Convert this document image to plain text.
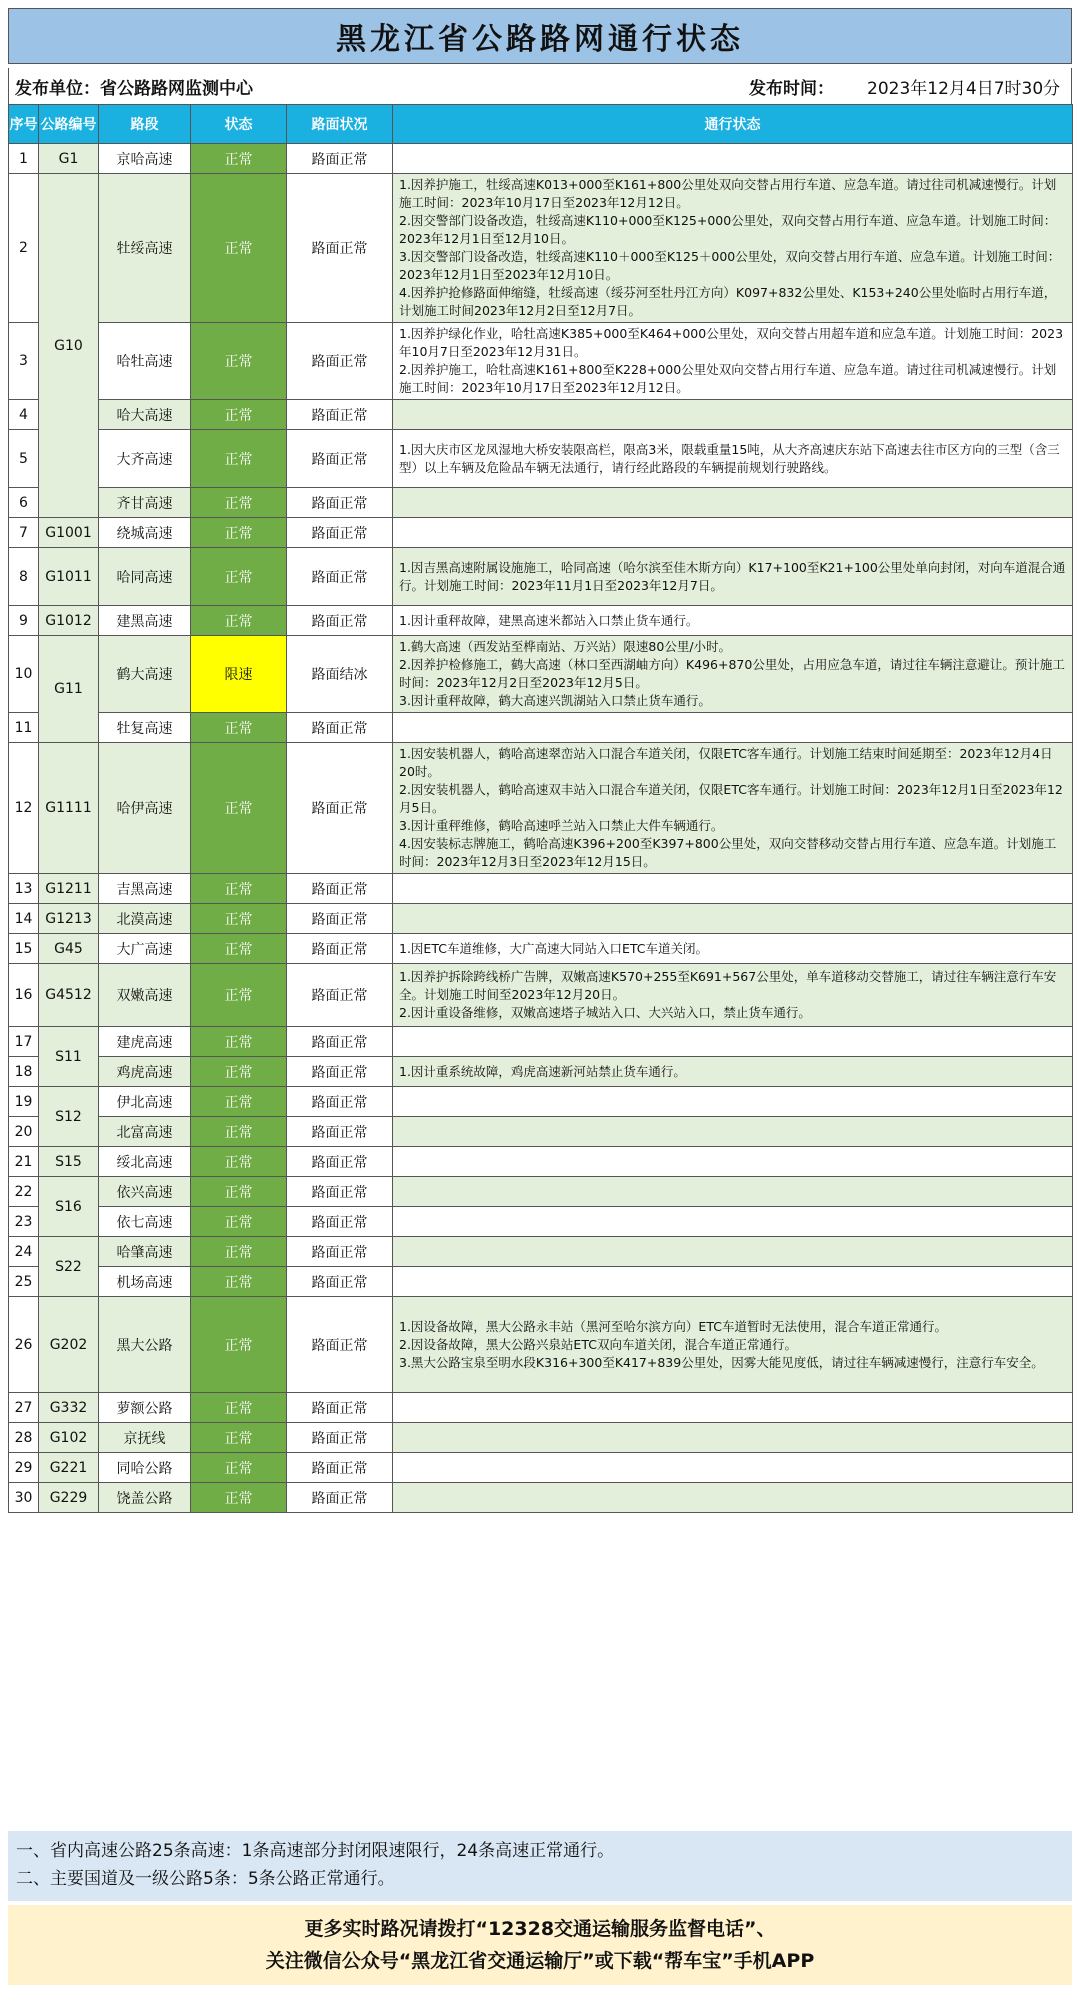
黑龙江省公路路网通行状态
发布单位：省公路路网监测中心	发布时间： 2023年12月4日7时30分
序号	公路编号	路段	状态	路面状况	通行状态
1	G1	京哈高速	正常	路面正常	
2	G10	牡绥高速	正常	路面正常	1.因养护施工，牡绥高速K013+000至K161+800公里处双向交替占用行车道、应急车道。请过往司机减速慢行。计划施工时间：2023年10月17日至2023年12月12日。
2.因交警部门设备改造，牡绥高速K110+000至K125+000公里处，双向交替占用行车道、应急车道。计划施工时间：2023年12月1日至12月10日。
3.因交警部门设备改造，牡绥高速K110＋000至K125＋000公里处，双向交替占用行车道、应急车道。计划施工时间：2023年12月1日至2023年12月10日。
4.因养护抢修路面伸缩缝，牡绥高速（绥芬河至牡丹江方向）K097+832公里处、K153+240公里处临时占用行车道，计划施工时间2023年12月2日至12月7日。

3		哈牡高速	正常	路面正常	1.因养护绿化作业，哈牡高速K385+000至K464+000公里处，双向交替占用超车道和应急车道。计划施工时间：2023年10月7日至2023年12月31日。
2.因养护施工，哈牡高速K161+800至K228+000公里处双向交替占用行车道、应急车道。请过往司机减速慢行。计划施工时间：2023年10月17日至2023年12月12日。

4		哈大高速	正常	路面正常	
5		大齐高速	正常	路面正常	1.因大庆市区龙凤湿地大桥安装限高栏，限高3米，限载重量15吨，从大齐高速庆东站下高速去往市区方向的三型（含三型）以上车辆及危险品车辆无法通行，请行经此路段的车辆提前规划行驶路线。

6		齐甘高速	正常	路面正常	
7	G1001	绕城高速	正常	路面正常	
8	G1011	哈同高速	正常	路面正常	1.因吉黑高速附属设施施工，哈同高速（哈尔滨至佳木斯方向）K17+100至K21+100公里处单向封闭，对向车道混合通行。计划施工时间：2023年11月1日至2023年12月7日。

9	G1012	建黑高速	正常	路面正常	1.因计重秤故障，建黑高速米都站入口禁止货车通行。

10	G11	鹤大高速	限速	路面结冰	1.鹤大高速（西发站至桦南站、万兴站）限速80公里/小时。
2.因养护检修施工，鹤大高速（林口至西湖岫方向）K496+870公里处，占用应急车道，请过往车辆注意避让。预计施工时间：2023年12月2日至2023年12月5日。
3.因计重秤故障，鹤大高速兴凯湖站入口禁止货车通行。

11		牡复高速	正常	路面正常	
12	G1111	哈伊高速	正常	路面正常	1.因安装机器人，鹤哈高速翠峦站入口混合车道关闭，仅限ETC客车通行。计划施工结束时间延期至：2023年12月4日20时。
2.因安装机器人，鹤哈高速双丰站入口混合车道关闭，仅限ETC客车通行。计划施工时间：2023年12月1日至2023年12月5日。
3.因计重秤维修，鹤哈高速呼兰站入口禁止大件车辆通行。
4.因安装标志牌施工，鹤哈高速K396+200至K397+800公里处，双向交替移动交替占用行车道、应急车道。计划施工时间：2023年12月3日至2023年12月15日。

13	G1211	吉黑高速	正常	路面正常	
14	G1213	北漠高速	正常	路面正常	
15	G45	大广高速	正常	路面正常	1.因ETC车道维修，大广高速大同站入口ETC车道关闭。

16	G4512	双嫩高速	正常	路面正常	1.因养护拆除跨线桥广告牌，双嫩高速K570+255至K691+567公里处，单车道移动交替施工，请过往车辆注意行车安全。计划施工时间至2023年12月20日。
2.因计重设备维修，双嫩高速塔子城站入口、大兴站入口，禁止货车通行。

17	S11	建虎高速	正常	路面正常	
18		鸡虎高速	正常	路面正常	1.因计重系统故障，鸡虎高速新河站禁止货车通行。

19	S12	伊北高速	正常	路面正常	
20		北富高速	正常	路面正常	
21	S15	绥北高速	正常	路面正常	
22	S16	依兴高速	正常	路面正常	
23		依七高速	正常	路面正常	
24	S22	哈肇高速	正常	路面正常	
25		机场高速	正常	路面正常	
26	G202	黑大公路	正常	路面正常	1.因设备故障，黑大公路永丰站（黑河至哈尔滨方向）ETC车道暂时无法使用，混合车道正常通行。
2.因设备故障，黑大公路兴泉站ETC双向车道关闭，混合车道正常通行。
3.黑大公路宝泉至明水段K316+300至K417+839公里处，因雾大能见度低，请过往车辆减速慢行，注意行车安全。

27	G332	萝额公路	正常	路面正常	
28	G102	京抚线	正常	路面正常	
29	G221	同哈公路	正常	路面正常	
30	G229	饶盖公路	正常	路面正常	
一、省内高速公路25条高速：1条高速部分封闭限速限行，24条高速正常通行。
二、主要国道及一级公路5条：5条公路正常通行。
更多实时路况请拨打“12328交通运输服务监督电话”、
关注微信公众号“黑龙江省交通运输厅”或下载“帮车宝”手机APP
